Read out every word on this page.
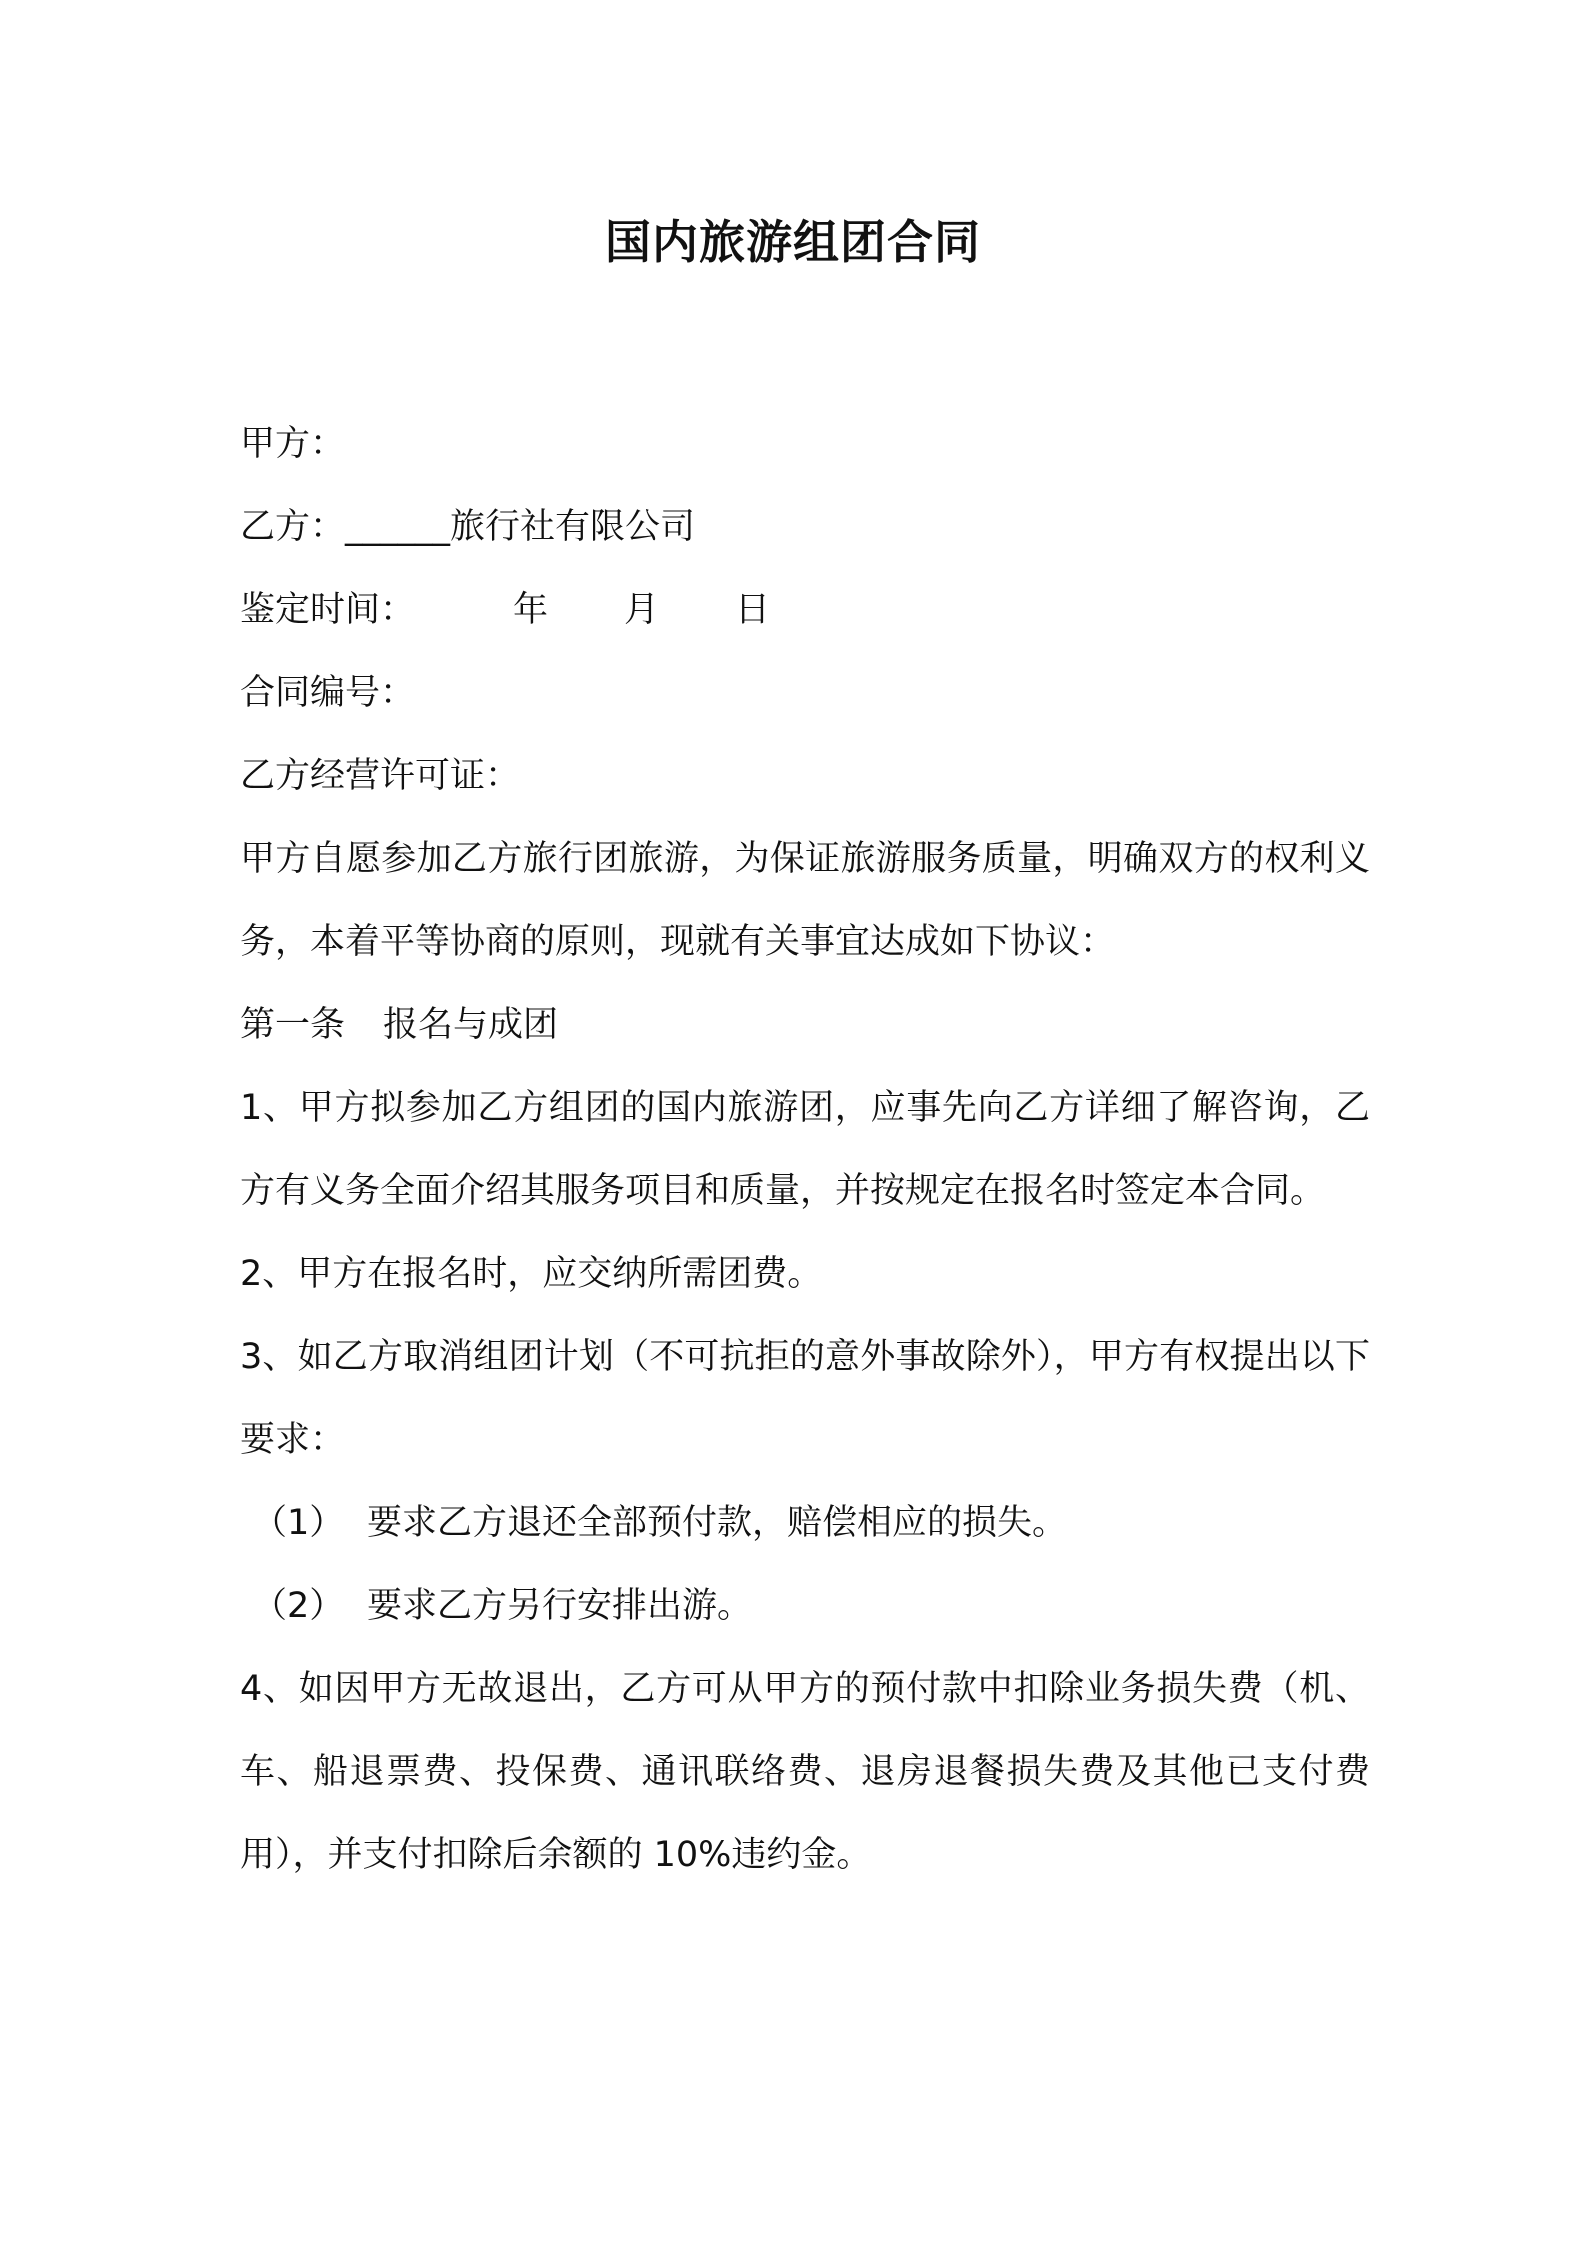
国内旅游组团合同

甲方：

乙方：______旅行社有限公司

鉴定时间：	年 月 日

合同编号：

乙方经营许可证：

甲方自愿参加乙方旅行团旅游，为保证旅游服务质量，明确双方的权利义务，本着平等协商的原则，现就有关事宜达成如下协议：

第一条 报名与成团

1、甲方拟参加乙方组团的国内旅游团，应事先向乙方详细了解咨询，乙方有义务全面介绍其服务项目和质量，并按规定在报名时签定本合同。

2、甲方在报名时，应交纳所需团费。

3、如乙方取消组团计划（不可抗拒的意外事故除外），甲方有权提出以下要求：

（1） 要求乙方退还全部预付款，赔偿相应的损失。

（2） 要求乙方另行安排出游。

4、如因甲方无故退出，乙方可从甲方的预付款中扣除业务损失费（机、车、船退票费、投保费、通讯联络费、退房退餐损失费及其他已支付费用），并支付扣除后余额的 10%违约金。
